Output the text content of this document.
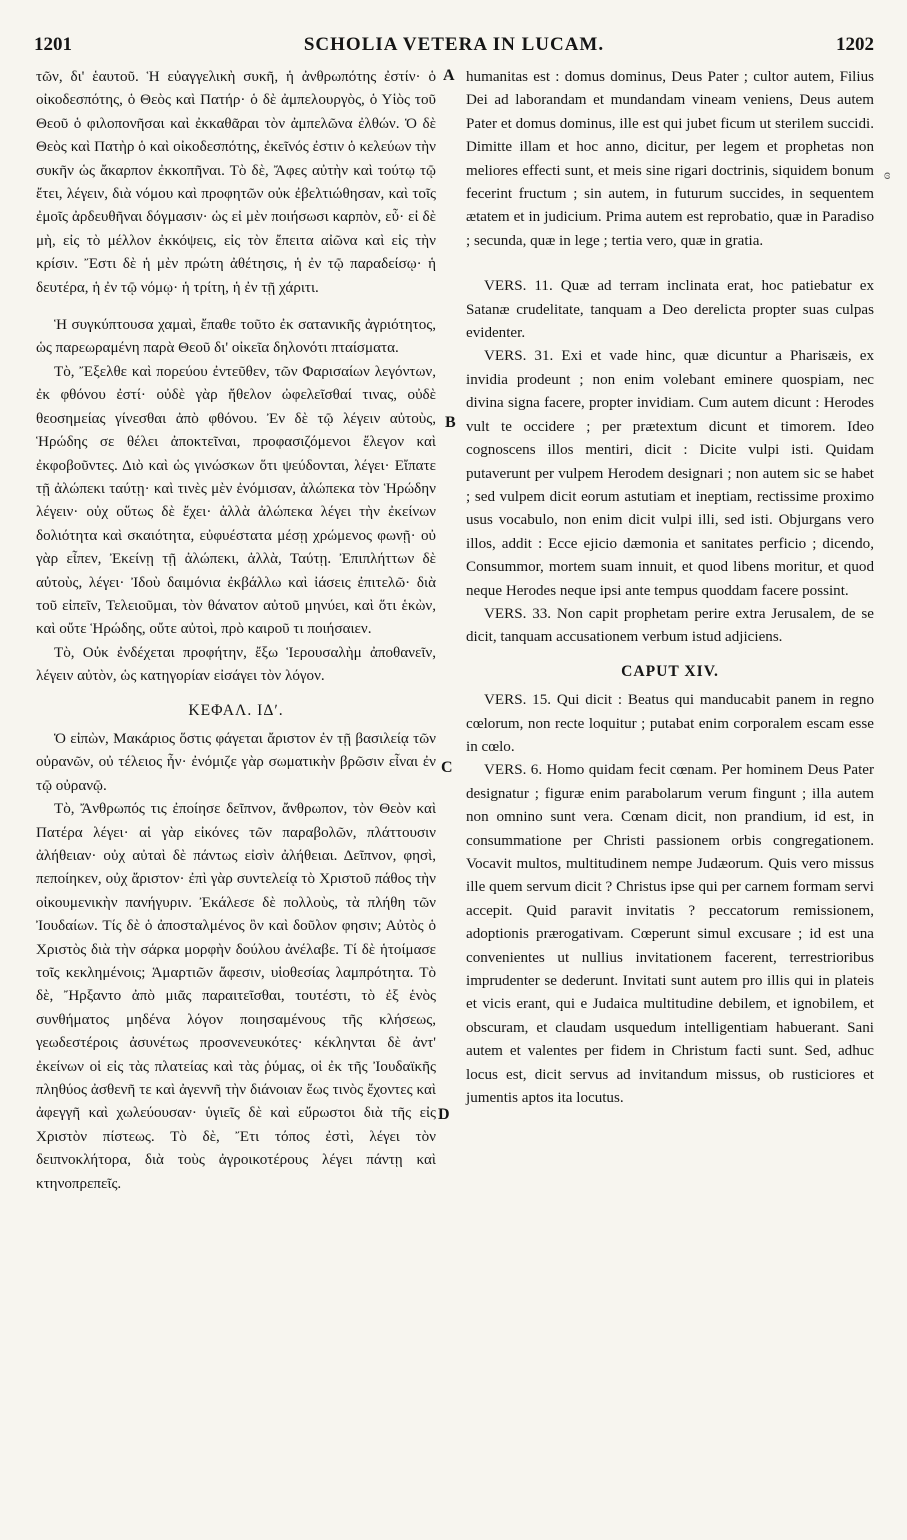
1201	SCHOLIA VETERA IN LUCAM.	1202
A
B
C
D
ɞ

τῶν, δι' ἑαυτοῦ. Ἡ εὐαγγελικὴ συκῆ, ἡ ἀνθρωπότης ἐστίν· ὁ οἰκοδεσπότης, ὁ Θεὸς καὶ Πατήρ· ὁ δὲ ἀμπελουργὸς, ὁ Υἱὸς τοῦ Θεοῦ ὁ φιλοπονῆσαι καὶ ἐκκαθᾶραι τὸν ἀμπελῶνα ἐλθών. Ὁ δὲ Θεὸς καὶ Πατὴρ ὁ καὶ οἰκοδεσπότης, ἐκεῖνός ἐστιν ὁ κελεύων τὴν συκῆν ὡς ἄκαρπον ἐκκοπῆναι. Τὸ δὲ, Ἄφες αὐτὴν καὶ τούτῳ τῷ ἔτει, λέγειν, διὰ νόμου καὶ προφητῶν οὐκ ἐβελτιώθησαν, καὶ τοῖς ἐμοῖς ἀρδευθῆναι δόγμασιν· ὡς εἰ μὲν ποιήσωσι καρπὸν, εὖ· εἰ δὲ μὴ, εἰς τὸ μέλλον ἐκκόψεις, εἰς τὸν ἔπειτα αἰῶνα καὶ εἰς τὴν κρίσιν. Ἔστι δὲ ἡ μὲν πρώτη ἀθέτησις, ἡ ἐν τῷ παραδείσῳ· ἡ δευτέρα, ἡ ἐν τῷ νόμῳ· ἡ τρίτη, ἡ ἐν τῇ χάριτι.

Ἡ συγκύπτουσα χαμαὶ, ἔπαθε τοῦτο ἐκ σατανικῆς ἀγριότητος, ὡς παρεωραμένη παρὰ Θεοῦ δι' οἰκεῖα δηλονότι πταίσματα.

Τὸ, Ἔξελθε καὶ πορεύου ἐντεῦθεν, τῶν Φαρισαίων λεγόντων, ἐκ φθόνου ἐστί· οὐδὲ γὰρ ἤθελον ὠφελεῖσθαί τινας, οὐδὲ θεοσημείας γίνεσθαι ἀπὸ φθόνου. Ἐν δὲ τῷ λέγειν αὐτοὺς, Ἡρώδης σε θέλει ἀποκτεῖναι, προφασιζόμενοι ἔλεγον καὶ ἐκφοβοῦντες. Διὸ καὶ ὡς γινώσκων ὅτι ψεύδονται, λέγει· Εἴπατε τῇ ἀλώπεκι ταύτῃ· καὶ τινὲς μὲν ἐνόμισαν, ἀλώπεκα τὸν Ἡρώδην λέγειν· οὐχ οὕτως δὲ ἔχει· ἀλλὰ ἀλώπεκα λέγει τὴν ἐκείνων δολιότητα καὶ σκαιότητα, εὐφυέστατα μέσῃ χρώμενος φωνῇ· οὐ γὰρ εἶπεν, Ἐκείνῃ τῇ ἀλώπεκι, ἀλλὰ, Ταύτῃ. Ἐπιπλήττων δὲ αὐτοὺς, λέγει· Ἰδοὺ δαιμόνια ἐκβάλλω καὶ ἰάσεις ἐπιτελῶ· διὰ τοῦ εἰπεῖν, Τελειοῦμαι, τὸν θάνατον αὐτοῦ μηνύει, καὶ ὅτι ἑκὼν, καὶ οὔτε Ἡρώδης, οὔτε αὐτοὶ, πρὸ καιροῦ τι ποιήσαιεν.

Τὸ, Οὐκ ἐνδέχεται προφήτην, ἔξω Ἱερουσαλὴμ ἀποθανεῖν, λέγειν αὐτὸν, ὡς κατηγορίαν εἰσάγει τὸν λόγον.

ΚΕΦΑΛ. ΙΔʹ.

Ὁ εἰπὼν, Μακάριος ὅστις φάγεται ἄριστον ἐν τῇ βασιλείᾳ τῶν οὐρανῶν, οὐ τέλειος ἦν· ἐνόμιζε γὰρ σωματικὴν βρῶσιν εἶναι ἐν τῷ οὐρανῷ.

Τὸ, Ἄνθρωπός τις ἐποίησε δεῖπνον, ἄνθρωπον, τὸν Θεὸν καὶ Πατέρα λέγει· αἱ γὰρ εἰκόνες τῶν παραβολῶν, πλάττουσιν ἀλήθειαν· οὐχ αὐταὶ δὲ πάντως εἰσὶν ἀλήθειαι. Δεῖπνον, φησὶ, πεποίηκεν, οὐχ ἄριστον· ἐπὶ γὰρ συντελείᾳ τὸ Χριστοῦ πάθος τὴν οἰκουμενικὴν πανήγυριν. Ἐκάλεσε δὲ πολλοὺς, τὰ πλήθη τῶν Ἰουδαίων. Τίς δὲ ὁ ἀποσταλμένος ὃν καὶ δοῦλον φησιν; Αὐτὸς ὁ Χριστὸς διὰ τὴν σάρκα μορφὴν δούλου ἀνέλαβε. Τί δὲ ἡτοίμασε τοῖς κεκλημένοις; Ἁμαρτιῶν ἄφεσιν, υἱοθεσίας λαμπρότητα. Τὸ δὲ, Ἤρξαντο ἀπὸ μιᾶς παραιτεῖσθαι, τουτέστι, τὸ ἐξ ἑνὸς συνθήματος μηδένα λόγον ποιησαμένους τῆς κλήσεως, γεωδεστέροις ἀσυνέτως προσνενευκότες· κέκληνται δὲ ἀντ' ἐκείνων οἱ εἰς τὰς πλατείας καὶ τὰς ῥύμας, οἱ ἐκ τῆς Ἰουδαϊκῆς πληθύος ἀσθενῆ τε καὶ ἀγεννῆ τὴν διάνοιαν ἕως τινὸς ἔχοντες καὶ ἀφεγγῆ καὶ χωλεύουσαν· ὑγιεῖς δὲ καὶ εὔρωστοι διὰ τῆς εἰς Χριστὸν πίστεως. Τὸ δὲ, Ἔτι τόπος ἐστὶ, λέγει τὸν δειπνοκλήτορα, διὰ τοὺς ἀγροικοτέρους λέγει πάντῃ καὶ κτηνοπρεπεῖς.

humanitas est : domus dominus, Deus Pater ; cultor autem, Filius Dei ad laborandam et mundandam vineam veniens, Deus autem Pater et domus dominus, ille est qui jubet ficum ut sterilem succidi. Dimitte illam et hoc anno, dicitur, per legem et prophetas non meliores effecti sunt, et meis sine rigari doctrinis, siquidem bonum fecerint fructum ; sin autem, in futurum succides, in sequentem ætatem et in judicium. Prima autem est reprobatio, quæ in Paradiso ; secunda, quæ in lege ; tertia vero, quæ in gratia.

VERS. 11. Quæ ad terram inclinata erat, hoc patiebatur ex Satanæ crudelitate, tanquam a Deo derelicta propter suas culpas evidenter.

VERS. 31. Exi et vade hinc, quæ dicuntur a Pharisæis, ex invidia prodeunt ; non enim volebant eminere quospiam, nec divina signa facere, propter invidiam. Cum autem dicunt : Herodes vult te occidere ; per prætextum dicunt et timorem. Ideo cognoscens illos mentiri, dicit : Dicite vulpi isti. Quidam putaverunt per vulpem Herodem designari ; non autem sic se habet ; sed vulpem dicit eorum astutiam et ineptiam, rectissime proximo usus vocabulo, non enim dicit vulpi illi, sed isti. Objurgans vero illos, addit : Ecce ejicio dæmonia et sanitates perficio ; dicendo, Consummor, mortem suam innuit, et quod libens moritur, et quod neque Herodes neque ipsi ante tempus quoddam facere possint.

VERS. 33. Non capit prophetam perire extra Jerusalem, de se dicit, tanquam accusationem verbum istud adjiciens.

CAPUT XIV.

VERS. 15. Qui dicit : Beatus qui manducabit panem in regno cœlorum, non recte loquitur ; putabat enim corporalem escam esse in cœlo.

VERS. 6. Homo quidam fecit cœnam. Per hominem Deus Pater designatur ; figuræ enim parabolarum verum fingunt ; illa autem non omnino sunt vera. Cœnam dicit, non prandium, id est, in consummatione per Christi passionem orbis congregationem. Vocavit multos, multitudinem nempe Judæorum. Quis vero missus ille quem servum dicit ? Christus ipse qui per carnem formam servi accepit. Quid paravit invitatis ? peccatorum remissionem, adoptionis prærogativam. Cœperunt simul excusare ; id est una convenientes ut nullius invitationem facerent, terrestrioribus imprudenter se dederunt. Invitati sunt autem pro illis qui in plateis et vicis erant, qui e Judaica multitudine debilem, et ignobilem, et obscuram, et claudam usquedum intelligentiam habuerant. Sani autem et valentes per fidem in Christum facti sunt. Sed, adhuc locus est, dicit servus ad invitandum missus, ob rusticiores et jumentis aptos ita locutus.
